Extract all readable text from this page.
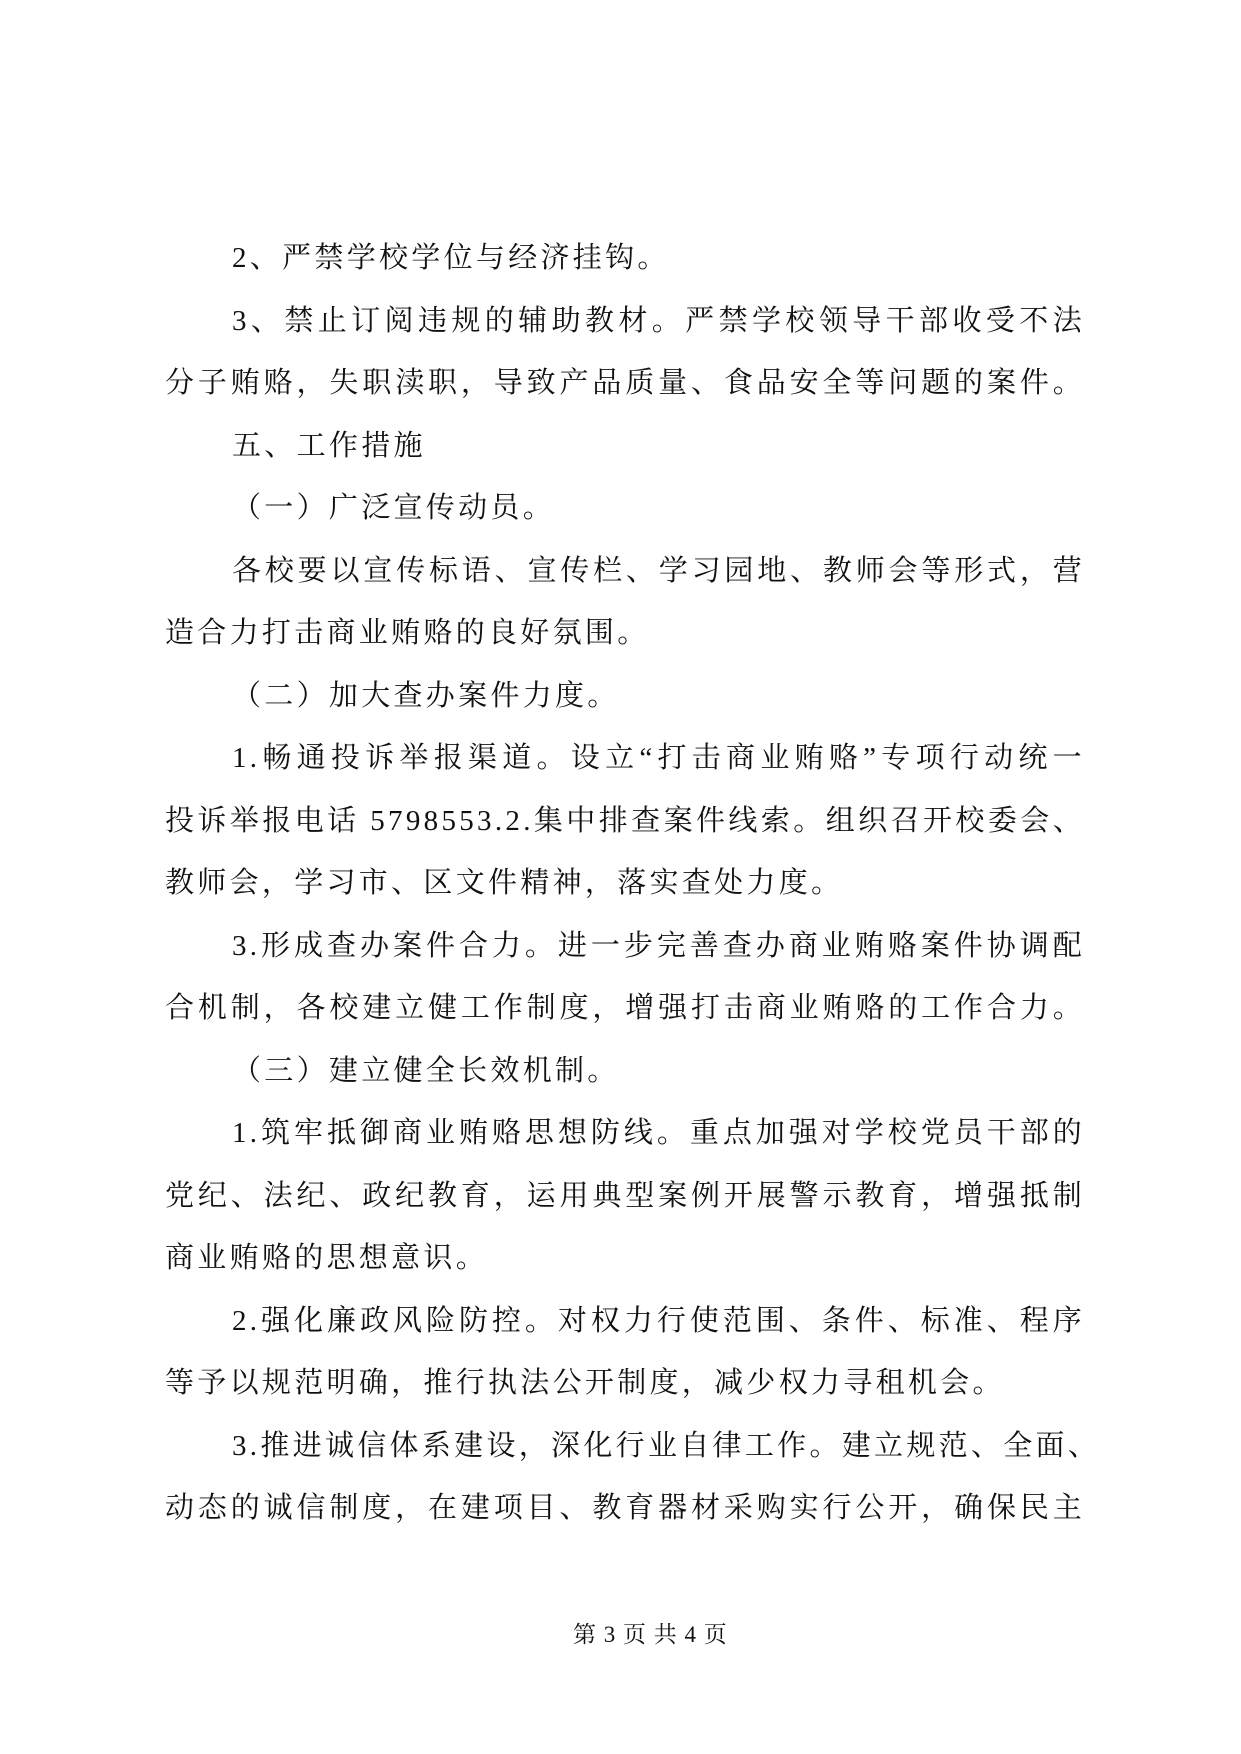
2、严禁学校学位与经济挂钩。
3、禁止订阅违规的辅助教材。严禁学校领导干部收受不法
分子贿赂，失职渎职，导致产品质量、食品安全等问题的案件。
五、工作措施
（一）广泛宣传动员。
各校要以宣传标语、宣传栏、学习园地、教师会等形式，营
造合力打击商业贿赂的良好氛围。
（二）加大查办案件力度。
1.畅通投诉举报渠道。设立“打击商业贿赂”专项行动统一
投诉举报电话 5798553.2.集中排查案件线索。组织召开校委会、
教师会，学习市、区文件精神，落实查处力度。
3.形成查办案件合力。进一步完善查办商业贿赂案件协调配
合机制，各校建立健工作制度，增强打击商业贿赂的工作合力。
（三）建立健全长效机制。
1.筑牢抵御商业贿赂思想防线。重点加强对学校党员干部的
党纪、法纪、政纪教育，运用典型案例开展警示教育，增强抵制
商业贿赂的思想意识。
2.强化廉政风险防控。对权力行使范围、条件、标准、程序
等予以规范明确，推行执法公开制度，减少权力寻租机会。
3.推进诚信体系建设，深化行业自律工作。建立规范、全面、
动态的诚信制度，在建项目、教育器材采购实行公开，确保民主
第 3 页 共 4 页
